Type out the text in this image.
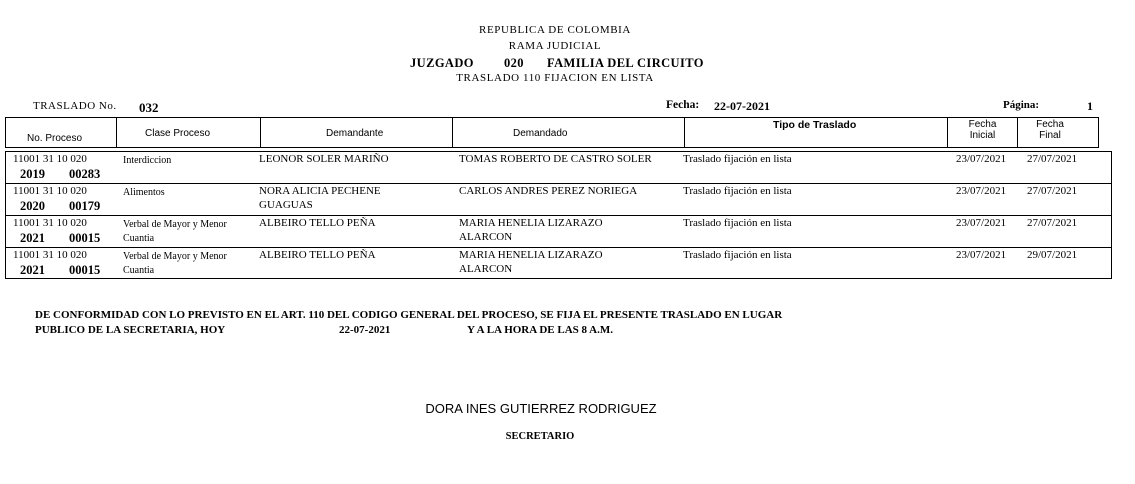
REPUBLICA DE COLOMBIA
RAMA JUDICIAL
JUZGADO 020 FAMILIA DEL CIRCUITO
TRASLADO 110 FIJACION EN LISTA
TRASLADO No. 032	Fecha: 22-07-2021	Página:	1
No. Proceso	Clase Proceso	Demandante	Demandado
Tipo de Traslado	Fecha
Inicial
Fecha
Final
11001 31 10 020
2019 00283
Interdiccion	LEONOR SOLER MARIÑO	TOMAS ROBERTO DE CASTRO SOLER	Traslado fijación en lista	23/07/2021 27/07/2021
11001 31 10 020
2020 00179
Alimentos	NORA ALICIA PECHENE
GUAGUAS
CARLOS ANDRES PEREZ NORIEGA	Traslado fijación en lista	23/07/2021 27/07/2021
11001 31 10 020
2021 00015
Verbal de Mayor y Menor
Cuantia
ALBEIRO TELLO PEÑA	MARIA HENELIA LIZARAZO
ALARCON
Traslado fijación en lista	23/07/2021 27/07/2021
11001 31 10 020
2021 00015
Verbal de Mayor y Menor
Cuantia
ALBEIRO TELLO PEÑA	MARIA HENELIA LIZARAZO
ALARCON
Traslado fijación en lista	23/07/2021 29/07/2021
DE CONFORMIDAD CON LO PREVISTO EN EL ART. 110 DEL CODIGO GENERAL DEL PROCESO, SE FIJA EL PRESENTE TRASLADO EN LUGAR
PUBLICO DE LA SECRETARIA, HOY	22-07-2021	Y A LA HORA DE LAS 8 A.M.
DORA INES GUTIERREZ RODRIGUEZ
SECRETARIO
